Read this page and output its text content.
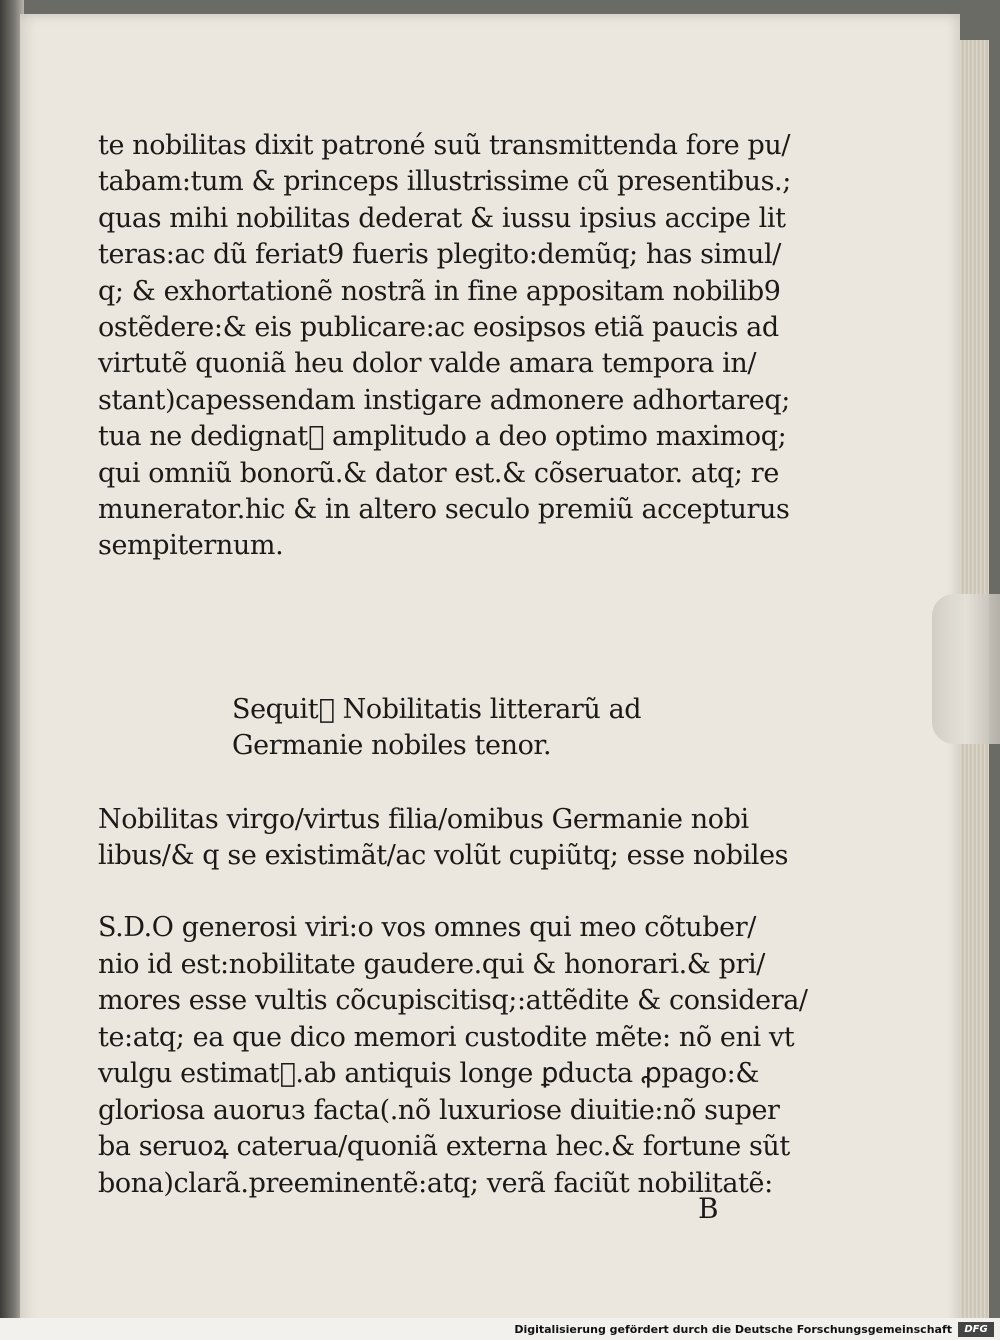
te nobilitas dixit patroné suũ transmittenda fore pu/
tabam:tum & princeps illustrissime cũ presentibus.;
quas mihi nobilitas dederat & iussu ipsius accipe lit
teras:ac dũ feriat9 fueris plegito:demũq; has simul/
q; & exhortationẽ nostrã in fine appositam nobilib9
ostẽdere:& eis publicare:ac eosipsos etiã paucis ad
virtutẽ quoniã heu dolor valde amara tempora in/
stant)capessendam instigare admonere adhortareq;
tua ne dedignat᷑ amplitudo a deo optimo maximoq;
qui omniũ bonorũ.& dator est.& cõseruator. atq; re
munerator.hic & in altero seculo premiũ accepturus
sempiternum.
Sequit᷑ Nobilitatis litterarũ ad
Germanie nobiles tenor.
Nobilitas virgo/virtus filia/omibus Germanie nobi
libus/& q se existimãt/ac volũt cupiũtq; esse nobiles
S.D.O generosi viri:o vos omnes qui meo cõtuber/
nio id est:nobilitate gaudere.qui & honorari.& pri/
mores esse vultis cõcupiscitisq;:attẽdite & considera/
te:atq; ea que dico memori custodite mẽte: nõ eni vt
vulgu estimat᷑.ab antiquis longe ꝑducta ꝓpago:&
gloriosa auoruз facta(.nõ luxuriose diuitie:nõ super
ba seruoꝝ caterua/quoniã externa hec.& fortune sũt
bona)clarã.preeminentẽ:atq; verã faciũt nobilitatẽ:
B
Digitalisierung gefördert durch die Deutsche Forschungsgemeinschaft	DFG
